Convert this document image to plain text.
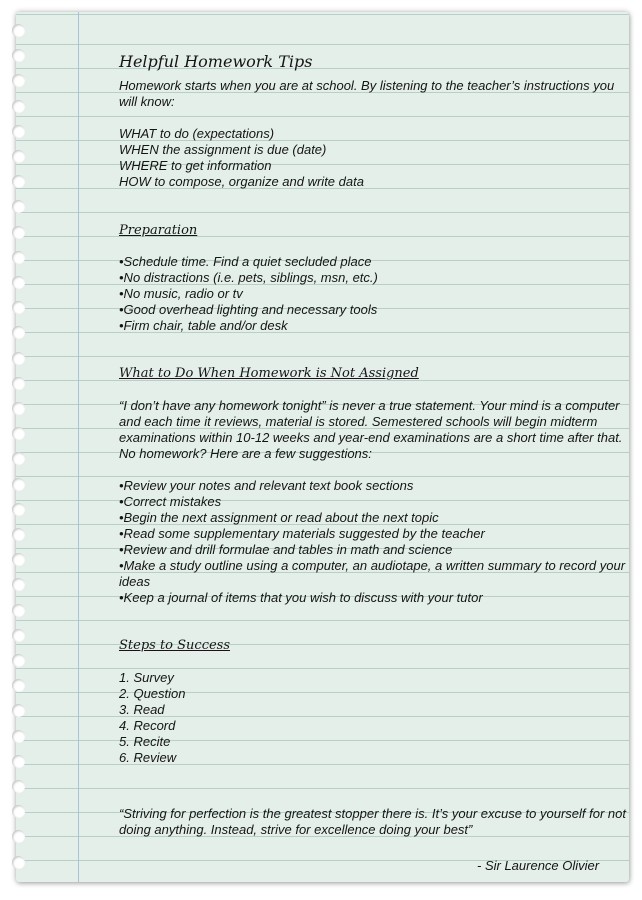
Helpful Homework Tips

Homework starts when you are at school. By listening to the teacher’s instructions you will know:

WHAT to do (expectations)
WHEN the assignment is due (date)
WHERE to get information
HOW to compose, organize and write data
Preparation
•Schedule time. Find a quiet secluded place
•No distractions (i.e. pets, siblings, msn, etc.)
•No music, radio or tv
•Good overhead lighting and necessary tools
•Firm chair, table and/or desk
What to Do When Homework is Not Assigned

“I don’t have any homework tonight” is never a true statement. Your mind is a computer and each time it reviews, material is stored. Semestered schools will begin midterm examinations within 10-12 weeks and year-end examinations are a short time after that. No homework? Here are a few suggestions:

•Review your notes and relevant text book sections
•Correct mistakes
•Begin the next assignment or read about the next topic
•Read some supplementary materials suggested by the teacher
•Review and drill formulae and tables in math and science
•Make a study outline using a computer, an audiotape, a written summary to record your ideas
•Keep a journal of items that you wish to discuss with your tutor
Steps to Success
1. Survey
2. Question
3. Read
4. Record
5. Recite
6. Review

“Striving for perfection is the greatest stopper there is. It’s your excuse to yourself for not doing anything. Instead, strive for excellence doing your best”

- Sir Laurence Olivier
